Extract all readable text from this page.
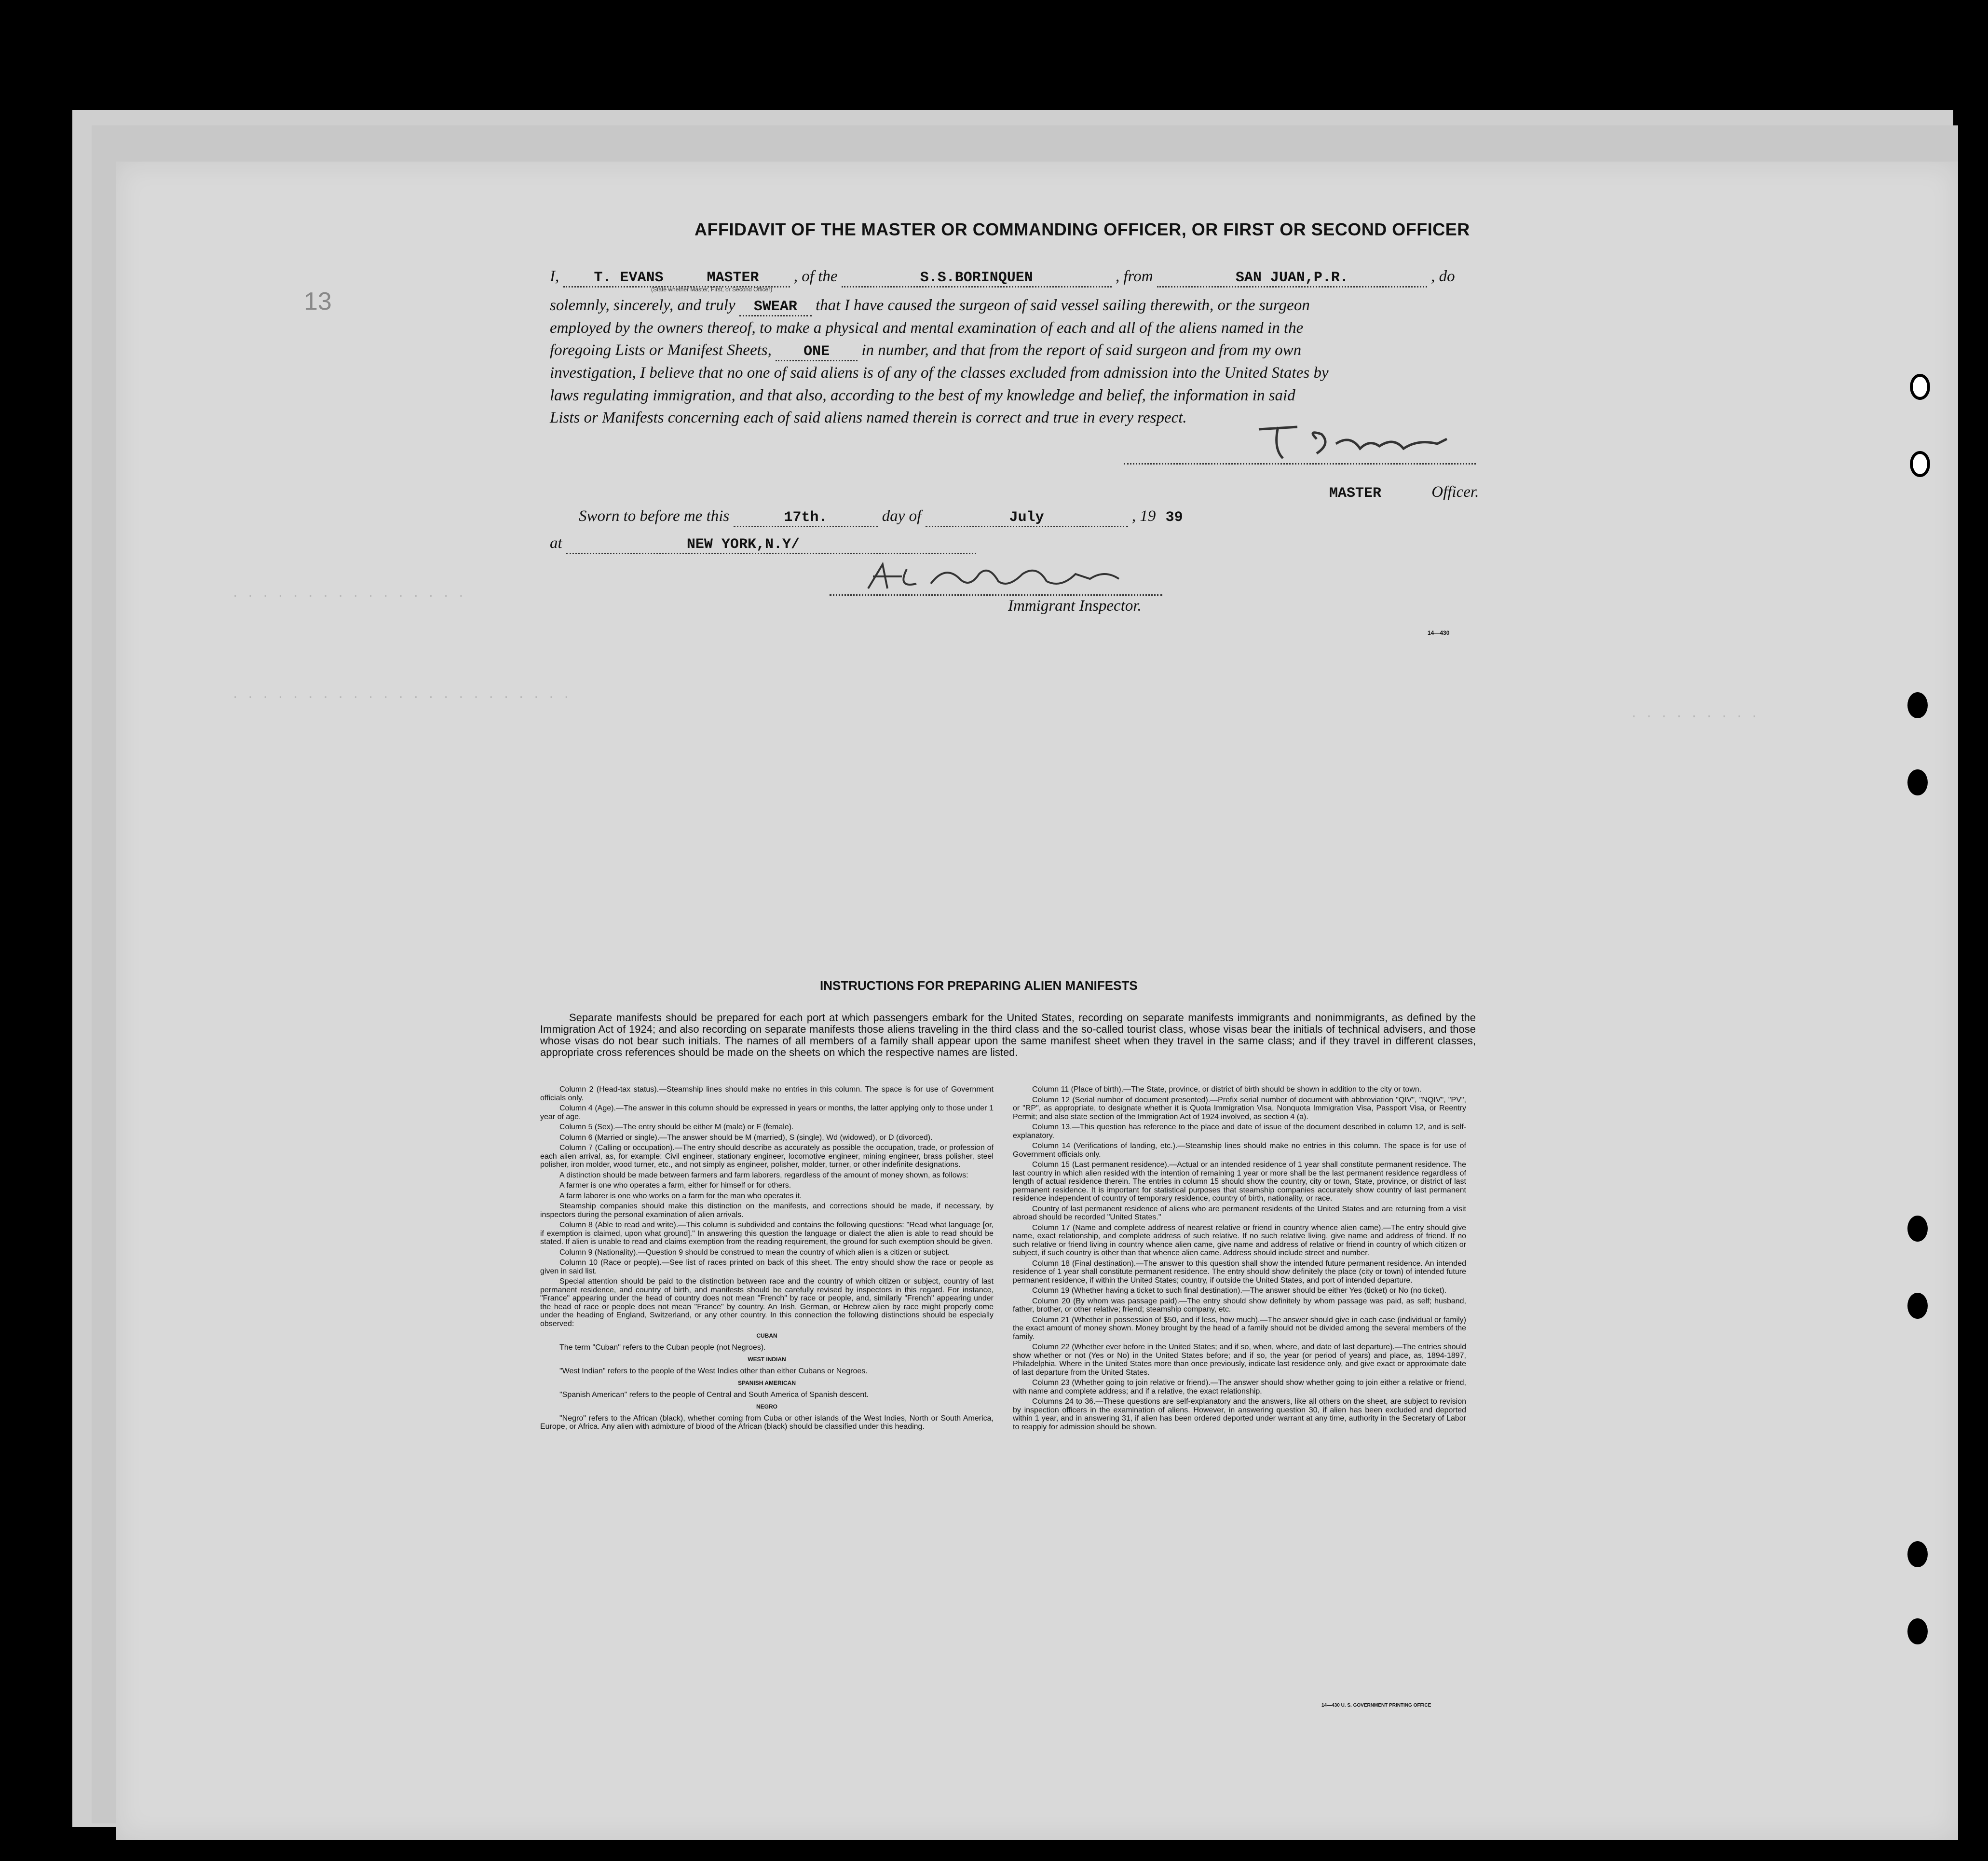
13
AFFIDAVIT OF THE MASTER OR COMMANDING OFFICER, OR FIRST OR SECOND OFFICER
I, T. EVANS     MASTER , of the	S.S.BORINQUEN	, from	SAN JUAN,P.R.	, do
(State whether Master, First, or Second Officer)
solemnly, sincerely, and truly SWEAR that I have caused the surgeon of said vessel sailing therewith, or the surgeon
employed by the owners thereof, to make a physical and mental examination of each and all of the aliens named in the
foregoing Lists or Manifest Sheets, ONE in number, and that from the report of said surgeon and from my own
investigation, I believe that no one of said aliens is of any of the classes excluded from admission into the United States by
laws regulating immigration, and that also, according to the best of my knowledge and belief, the information in said
Lists or Manifests concerning each of said aliens named therein is correct and true in every respect.
MASTER	Officer.
Sworn to before me this	17th.	day of	July	, 19 39
at	NEW YORK,N.Y/
Immigrant Inspector.
14—430
. . . . . . . . . . . . . . . .
. . . . . . . . . . . . . . . . . . . . . . .
. . . . . . . . .
INSTRUCTIONS FOR PREPARING ALIEN MANIFESTS
Separate manifests should be prepared for each port at which passengers embark for the United States, recording on separate manifests immigrants and nonimmigrants, as defined by the Immigration Act of 1924; and also recording on separate manifests those aliens traveling in the third class and the so-called tourist class, whose visas bear the initials of technical advisers, and those whose visas do not bear such initials. The names of all members of a family shall appear upon the same manifest sheet when they travel in the same class; and if they travel in different classes, appropriate cross references should be made on the sheets on which the respective names are listed.

Column 2 (Head-tax status).—Steamship lines should make no entries in this column. The space is for use of Government officials only.

Column 4 (Age).—The answer in this column should be expressed in years or months, the latter applying only to those under 1 year of age.

Column 5 (Sex).—The entry should be either M (male) or F (female).

Column 6 (Married or single).—The answer should be M (married), S (single), Wd (widowed), or D (divorced).

Column 7 (Calling or occupation).—The entry should describe as accurately as possible the occupation, trade, or profession of each alien arrival, as, for example: Civil engineer, stationary engineer, locomotive engineer, mining engineer, brass polisher, steel polisher, iron molder, wood turner, etc., and not simply as engineer, polisher, molder, turner, or other indefinite designations.

A distinction should be made between farmers and farm laborers, regardless of the amount of money shown, as follows:

A farmer is one who operates a farm, either for himself or for others.

A farm laborer is one who works on a farm for the man who operates it.

Steamship companies should make this distinction on the manifests, and corrections should be made, if necessary, by inspectors during the personal examination of alien arrivals.

Column 8 (Able to read and write).—This column is subdivided and contains the following questions: "Read what language [or, if exemption is claimed, upon what ground]." In answering this question the language or dialect the alien is able to read should be stated. If alien is unable to read and claims exemption from the reading requirement, the ground for such exemption should be given.

Column 9 (Nationality).—Question 9 should be construed to mean the country of which alien is a citizen or subject.

Column 10 (Race or people).—See list of races printed on back of this sheet. The entry should show the race or people as given in said list.

Special attention should be paid to the distinction between race and the country of which citizen or subject, country of last permanent residence, and country of birth, and manifests should be carefully revised by inspectors in this regard. For instance, "France" appearing under the head of country does not mean "French" by race or people, and, similarly "French" appearing under the head of race or people does not mean "France" by country. An Irish, German, or Hebrew alien by race might properly come under the heading of England, Switzerland, or any other country. In this connection the following distinctions should be especially observed:

CUBAN

The term "Cuban" refers to the Cuban people (not Negroes).

WEST INDIAN

"West Indian" refers to the people of the West Indies other than either Cubans or Negroes.

SPANISH AMERICAN

"Spanish American" refers to the people of Central and South America of Spanish descent.

NEGRO

"Negro" refers to the African (black), whether coming from Cuba or other islands of the West Indies, North or South America, Europe, or Africa. Any alien with admixture of blood of the African (black) should be classified under this heading.

Column 11 (Place of birth).—The State, province, or district of birth should be shown in addition to the city or town.

Column 12 (Serial number of document presented).—Prefix serial number of document with abbreviation "QIV", "NQIV", "PV", or "RP", as appropriate, to designate whether it is Quota Immigration Visa, Nonquota Immigration Visa, Passport Visa, or Reentry Permit; and also state section of the Immigration Act of 1924 involved, as section 4 (a).

Column 13.—This question has reference to the place and date of issue of the document described in column 12, and is self-explanatory.

Column 14 (Verifications of landing, etc.).—Steamship lines should make no entries in this column. The space is for use of Government officials only.

Column 15 (Last permanent residence).—Actual or an intended residence of 1 year shall constitute permanent residence. The last country in which alien resided with the intention of remaining 1 year or more shall be the last permanent residence regardless of length of actual residence therein. The entries in column 15 should show the country, city or town, State, province, or district of last permanent residence. It is important for statistical purposes that steamship companies accurately show country of last permanent residence independent of country of temporary residence, country of birth, nationality, or race.

Country of last permanent residence of aliens who are permanent residents of the United States and are returning from a visit abroad should be recorded "United States."

Column 17 (Name and complete address of nearest relative or friend in country whence alien came).—The entry should give name, exact relationship, and complete address of such relative. If no such relative living, give name and address of friend. If no such relative or friend living in country whence alien came, give name and address of relative or friend in country of which citizen or subject, if such country is other than that whence alien came. Address should include street and number.

Column 18 (Final destination).—The answer to this question shall show the intended future permanent residence. An intended residence of 1 year shall constitute permanent residence. The entry should show definitely the place (city or town) of intended future permanent residence, if within the United States; country, if outside the United States, and port of intended departure.

Column 19 (Whether having a ticket to such final destination).—The answer should be either Yes (ticket) or No (no ticket).

Column 20 (By whom was passage paid).—The entry should show definitely by whom passage was paid, as self; husband, father, brother, or other relative; friend; steamship company, etc.

Column 21 (Whether in possession of $50, and if less, how much).—The answer should give in each case (individual or family) the exact amount of money shown. Money brought by the head of a family should not be divided among the several members of the family.

Column 22 (Whether ever before in the United States; and if so, when, where, and date of last departure).—The entries should show whether or not (Yes or No) in the United States before; and if so, the year (or period of years) and place, as, 1894-1897, Philadelphia. Where in the United States more than once previously, indicate last residence only, and give exact or approximate date of last departure from the United States.

Column 23 (Whether going to join relative or friend).—The answer should show whether going to join either a relative or friend, with name and complete address; and if a relative, the exact relationship.

Columns 24 to 36.—These questions are self-explanatory and the answers, like all others on the sheet, are subject to revision by inspection officers in the examination of aliens. However, in answering question 30, if alien has been excluded and deported within 1 year, and in answering 31, if alien has been ordered deported under warrant at any time, authority in the Secretary of Labor to reapply for admission should be shown.

14—430 U. S. GOVERNMENT PRINTING OFFICE
